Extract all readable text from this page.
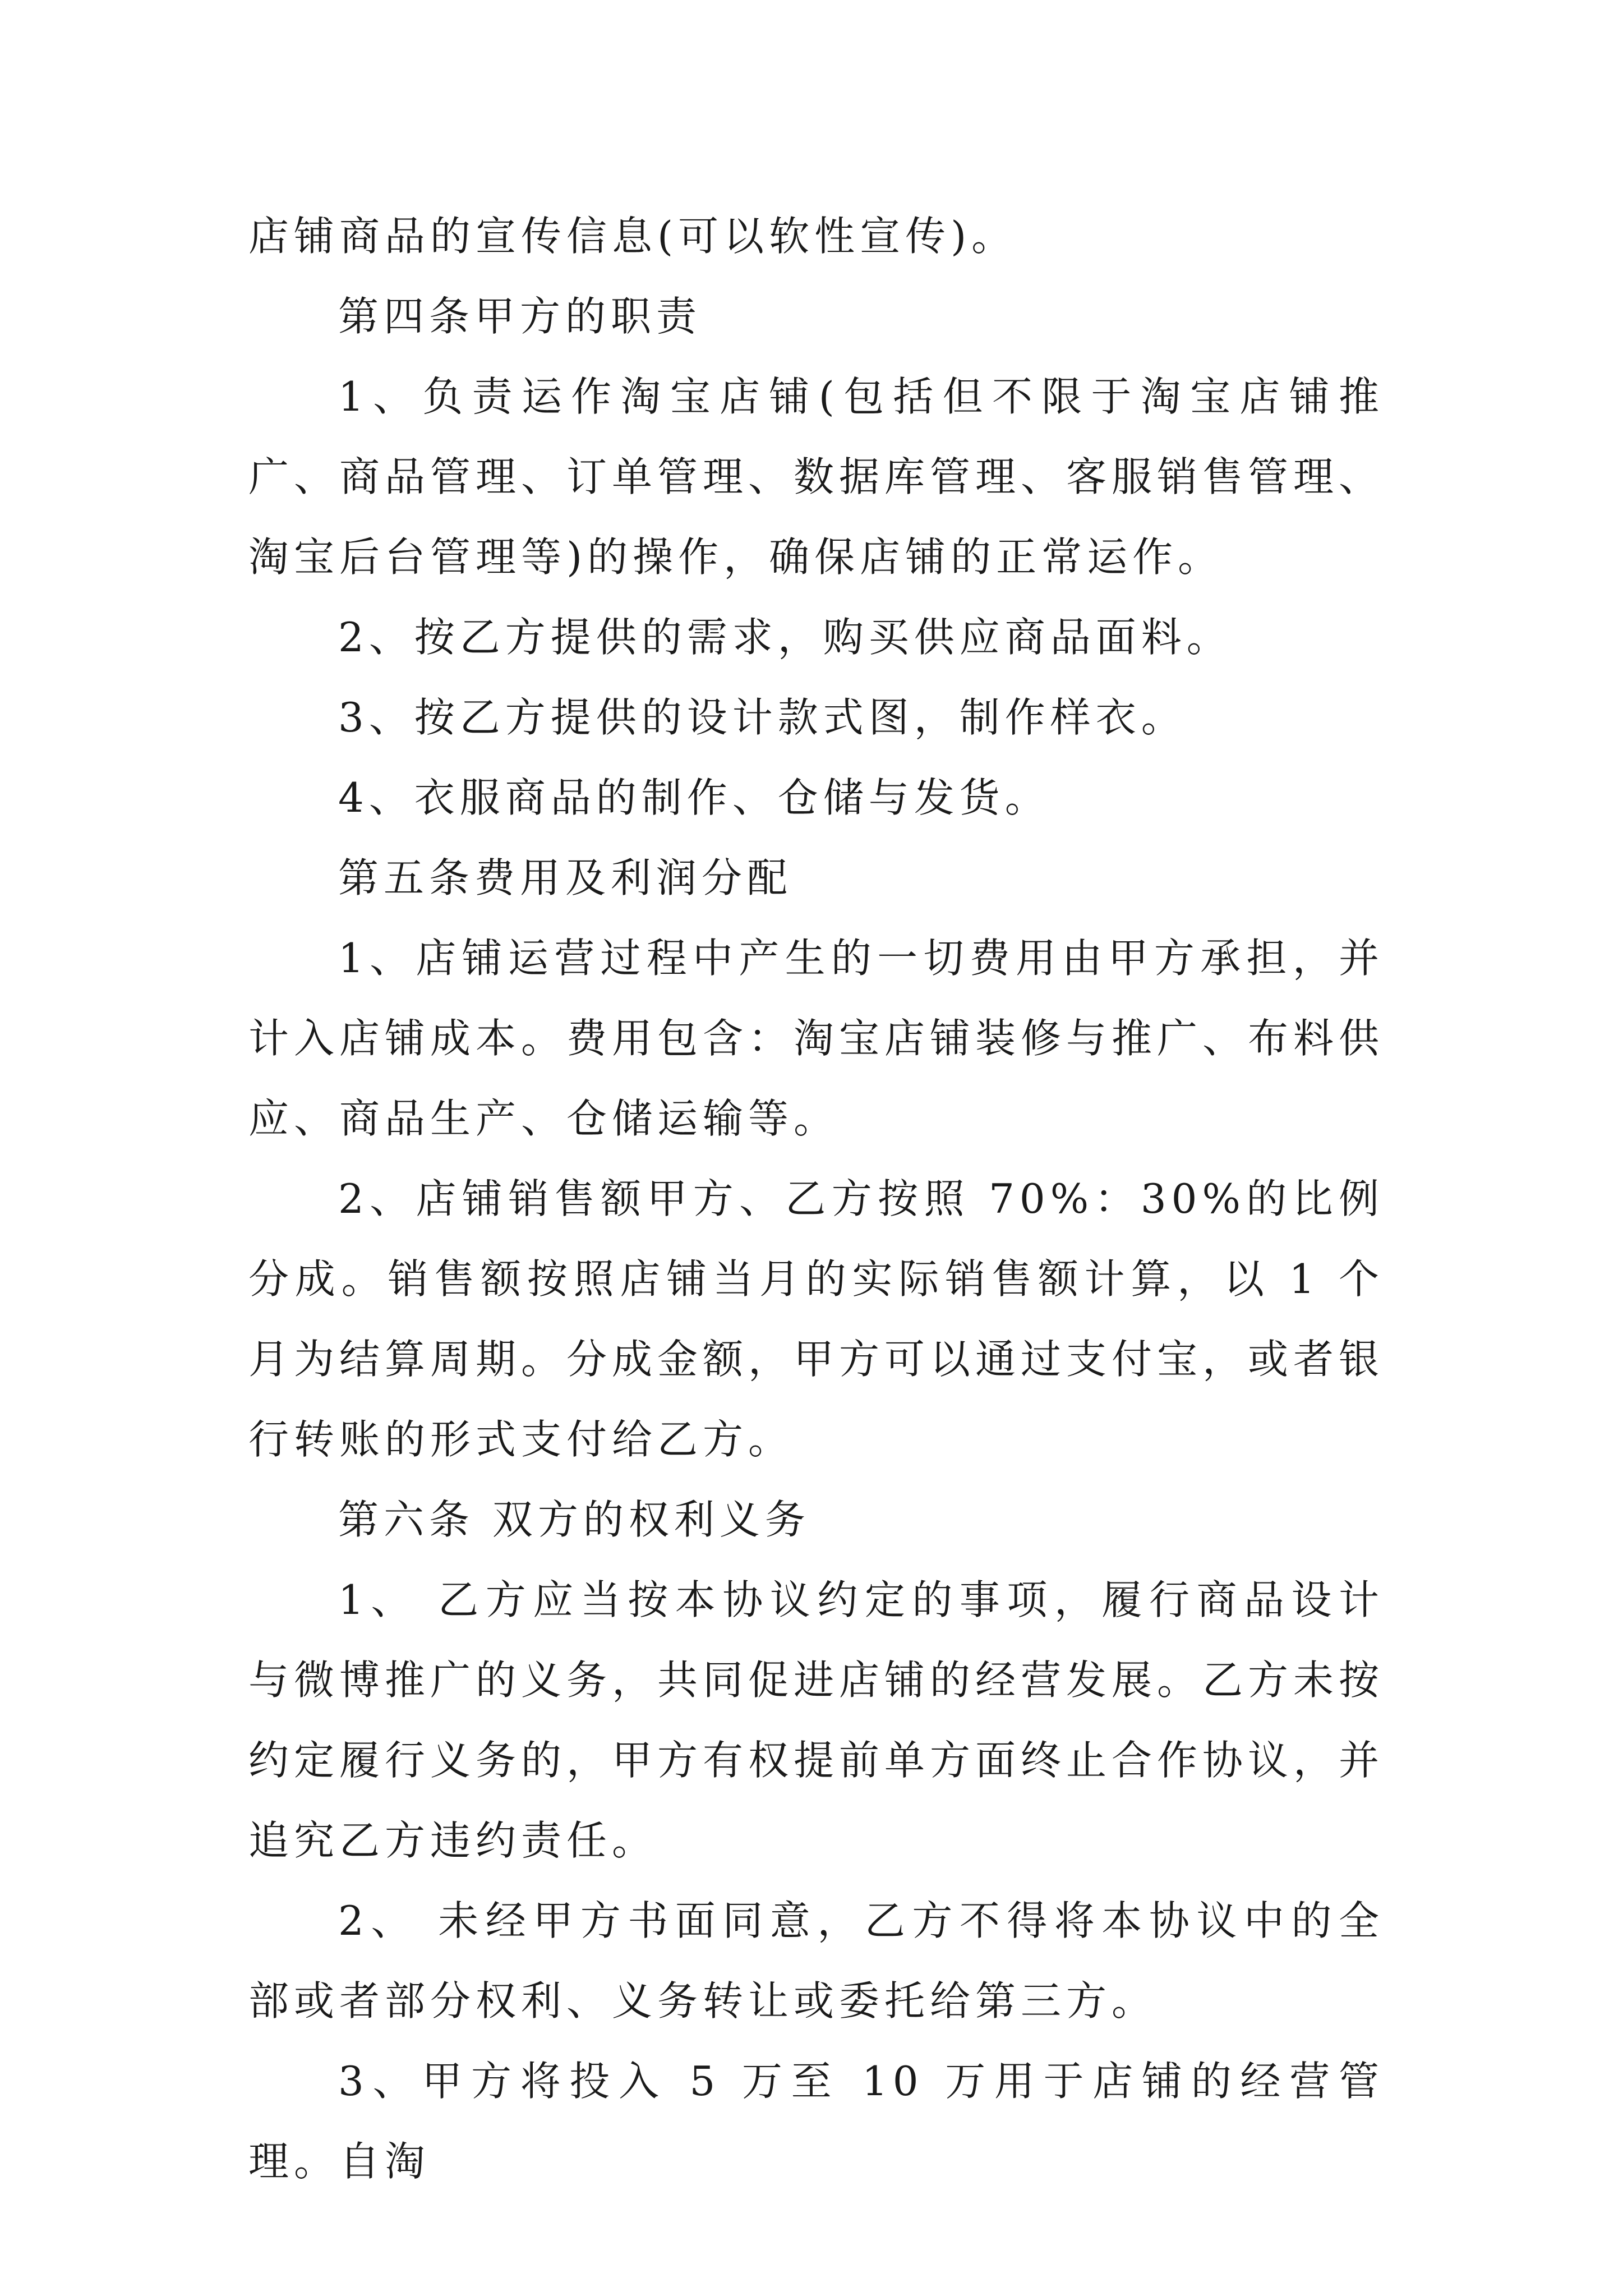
店铺商品的宣传信息(可以软性宣传)。

第四条甲方的职责

1、负责运作淘宝店铺(包括但不限于淘宝店铺推广、商品管理、订单管理、数据库管理、客服销售管理、淘宝后台管理等)的操作，确保店铺的正常运作。

2、按乙方提供的需求，购买供应商品面料。

3、按乙方提供的设计款式图，制作样衣。

4、衣服商品的制作、仓储与发货。

第五条费用及利润分配

1、店铺运营过程中产生的一切费用由甲方承担，并计入店铺成本。费用包含：淘宝店铺装修与推广、布料供应、商品生产、仓储运输等。

2、店铺销售额甲方、乙方按照 70%：30%的比例分成。销售额按照店铺当月的实际销售额计算，以 1 个月为结算周期。分成金额，甲方可以通过支付宝，或者银行转账的形式支付给乙方。

第六条 双方的权利义务

1、 乙方应当按本协议约定的事项，履行商品设计与微博推广的义务，共同促进店铺的经营发展。乙方未按约定履行义务的，甲方有权提前单方面终止合作协议，并追究乙方违约责任。

2、 未经甲方书面同意，乙方不得将本协议中的全部或者部分权利、义务转让或委托给第三方。

3、甲方将投入 5 万至 10 万用于店铺的经营管理。自淘
